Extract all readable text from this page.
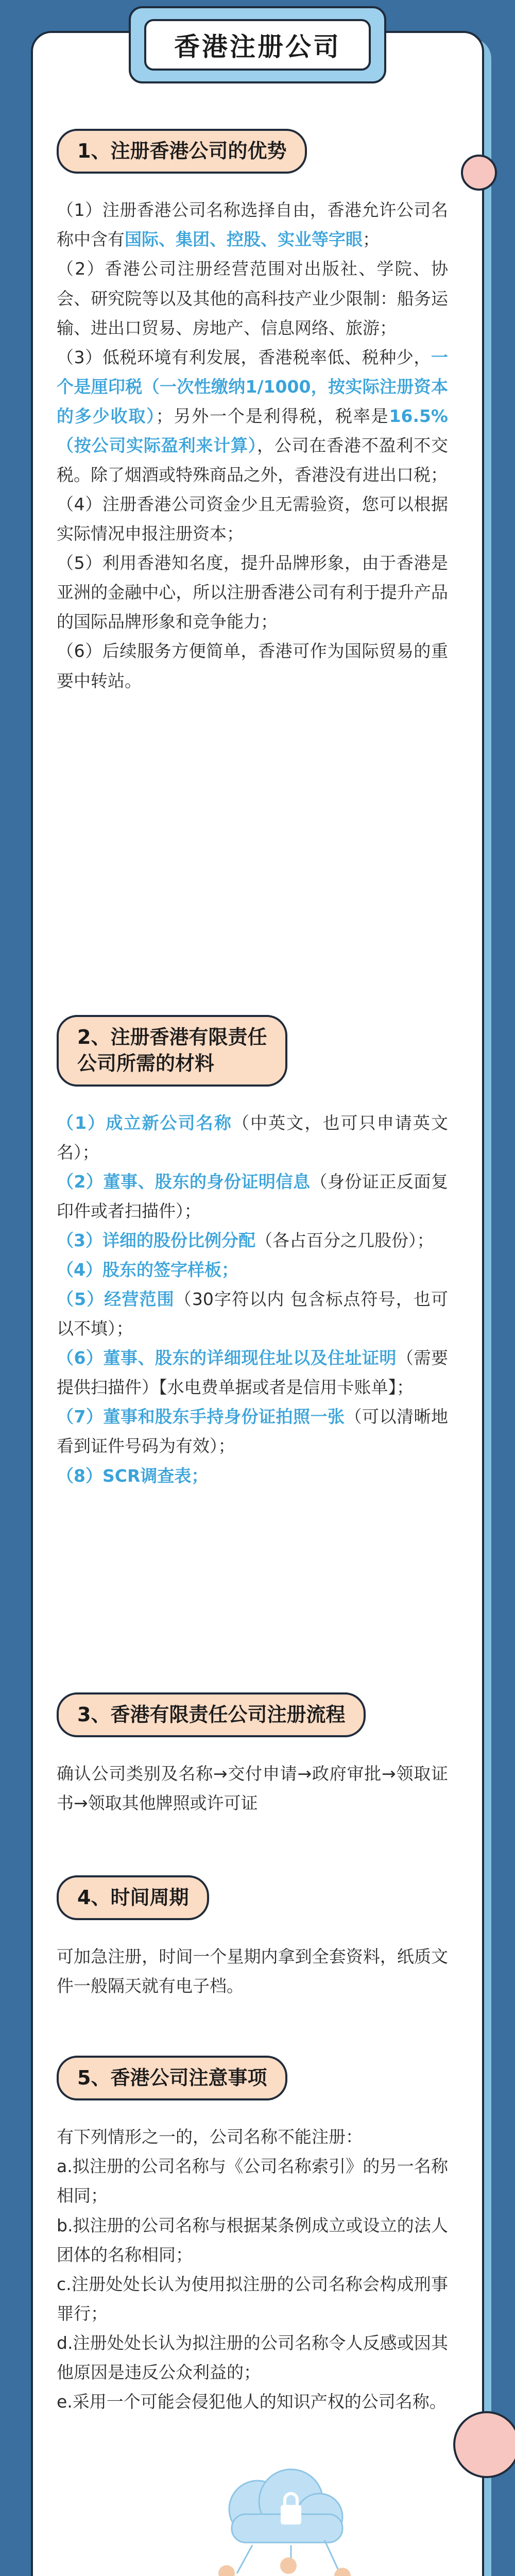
香港注册公司
1、注册香港公司的优势

（1）注册香港公司名称选择自由，香港允许公司名称中含有国际、集团、控股、实业等字眼；

（2）香港公司注册经营范围对出版社、学院、协会、研究院等以及其他的高科技产业少限制：船务运输、进出口贸易、房地产、信息网络、旅游；

（3）低税环境有利发展，香港税率低、税种少，一个是厘印税（一次性缴纳1/1000，按实际注册资本的多少收取）；另外一个是利得税，税率是16.5%（按公司实际盈利来计算），公司在香港不盈利不交税。除了烟酒或特殊商品之外，香港没有进出口税；

（4）注册香港公司资金少且无需验资，您可以根据实际情况申报注册资本；

（5）利用香港知名度，提升品牌形象，由于香港是亚洲的金融中心，所以注册香港公司有利于提升产品的国际品牌形象和竞争能力；

（6）后续服务方便简单，香港可作为国际贸易的重要中转站。

2、注册香港有限责任
公司所需的材料

（1）成立新公司名称（中英文，也可只申请英文名）；

（2）董事、股东的身份证明信息（身份证正反面复印件或者扫描件）；

（3）详细的股份比例分配（各占百分之几股份）；

（4）股东的签字样板；

（5）经营范围（30字符以内 包含标点符号，也可以不填）；

（6）董事、股东的详细现住址以及住址证明（需要提供扫描件）【水电费单据或者是信用卡账单】；

（7）董事和股东手持身份证拍照一张（可以清晰地看到证件号码为有效）；

（8）SCR调查表；

3、香港有限责任公司注册流程

确认公司类别及名称→交付申请→政府审批→领取证书→领取其他牌照或许可证

4、时间周期

可加急注册，时间一个星期内拿到全套资料，纸质文件一般隔天就有电子档。

5、香港公司注意事项

有下列情形之一的，公司名称不能注册：

a.拟注册的公司名称与《公司名称索引》的另一名称相同；

b.拟注册的公司名称与根据某条例成立或设立的法人团体的名称相同；

c.注册处处长认为使用拟注册的公司名称会构成刑事罪行；

d.注册处处长认为拟注册的公司名称令人反感或因其他原因是违反公众利益的；

e.采用一个可能会侵犯他人的知识产权的公司名称。
